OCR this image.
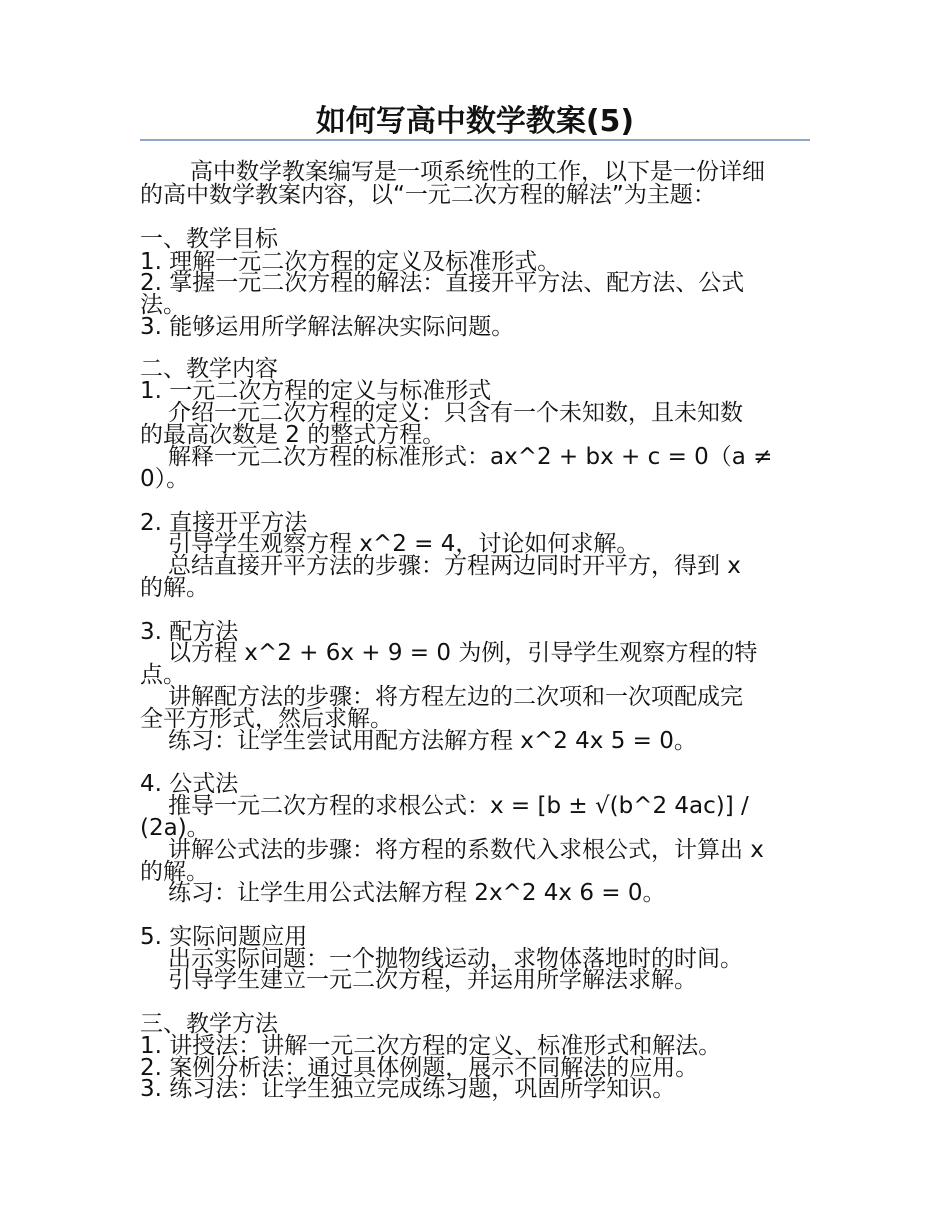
如何写高中数学教案(5)
高中数学教案编写是一项系统性的工作，以下是一份详细
的高中数学教案内容，以“一元二次方程的解法”为主题：
一、教学目标
1. 理解一元二次方程的定义及标准形式。
2. 掌握一元二次方程的解法：直接开平方法、配方法、公式
法。
3. 能够运用所学解法解决实际问题。
二、教学内容
1. 一元二次方程的定义与标准形式
介绍一元二次方程的定义：只含有一个未知数，且未知数
的最高次数是 2 的整式方程。
解释一元二次方程的标准形式：ax^2 + bx + c = 0（a ≠
0）。
2. 直接开平方法
引导学生观察方程 x^2 = 4，讨论如何求解。
总结直接开平方法的步骤：方程两边同时开平方，得到 x
的解。
3. 配方法
以方程 x^2 + 6x + 9 = 0 为例，引导学生观察方程的特
点。
讲解配方法的步骤：将方程左边的二次项和一次项配成完
全平方形式，然后求解。
练习：让学生尝试用配方法解方程 x^2 4x 5 = 0。
4. 公式法
推导一元二次方程的求根公式：x = [b ± √(b^2 4ac)] /
(2a)。
讲解公式法的步骤：将方程的系数代入求根公式，计算出 x
的解。
练习：让学生用公式法解方程 2x^2 4x 6 = 0。
5. 实际问题应用
出示实际问题：一个抛物线运动，求物体落地时的时间。
引导学生建立一元二次方程，并运用所学解法求解。
三、教学方法
1. 讲授法：讲解一元二次方程的定义、标准形式和解法。
2. 案例分析法：通过具体例题，展示不同解法的应用。
3. 练习法：让学生独立完成练习题，巩固所学知识。
